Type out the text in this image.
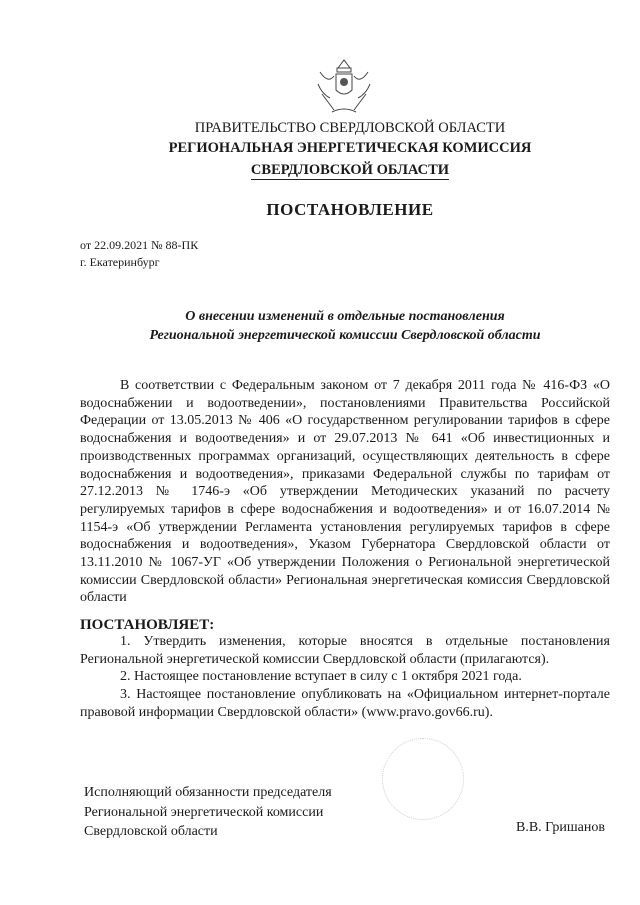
ПРАВИТЕЛЬСТВО СВЕРДЛОВСКОЙ ОБЛАСТИ
РЕГИОНАЛЬНАЯ ЭНЕРГЕТИЧЕСКАЯ КОМИССИЯ
СВЕРДЛОВСКОЙ ОБЛАСТИ
ПОСТАНОВЛЕНИЕ
от 22.09.2021 № 88-ПК
г. Екатеринбург
О внесении изменений в отдельные постановления
Региональной энергетической комиссии Свердловской области
В соответствии с Федеральным законом от 7 декабря 2011 года № 416-ФЗ «О водоснабжении и водоотведении», постановлениями Правительства Российской Федерации от 13.05.2013 № 406 «О государственном регулировании тарифов в сфере водоснабжения и водоотведения» и от 29.07.2013 № 641 «Об инвестиционных и производственных программах организаций, осуществляющих деятельность в сфере водоснабжения и водоотведения», приказами Федеральной службы по тарифам от 27.12.2013 № 1746-э «Об утверждении Методических указаний по расчету регулируемых тарифов в сфере водоснабжения и водоотведения» и от 16.07.2014 № 1154-э «Об утверждении Регламента установления регулируемых тарифов в сфере водоснабжения и водоотведения», Указом Губернатора Свердловской области от 13.11.2010 № 1067-УГ «Об утверждении Положения о Региональной энергетической комиссии Свердловской области» Региональная энергетическая комиссия Свердловской области
ПОСТАНОВЛЯЕТ:
1. Утвердить изменения, которые вносятся в отдельные постановления Региональной энергетической комиссии Свердловской области (прилагаются).
2. Настоящее постановление вступает в силу с 1 октября 2021 года.
3. Настоящее постановление опубликовать на «Официальном интернет-портале правовой информации Свердловской области» (www.pravo.gov66.ru).
Исполняющий обязанности председателя
Региональной энергетической комиссии
Свердловской области	В.В. Гришанов
